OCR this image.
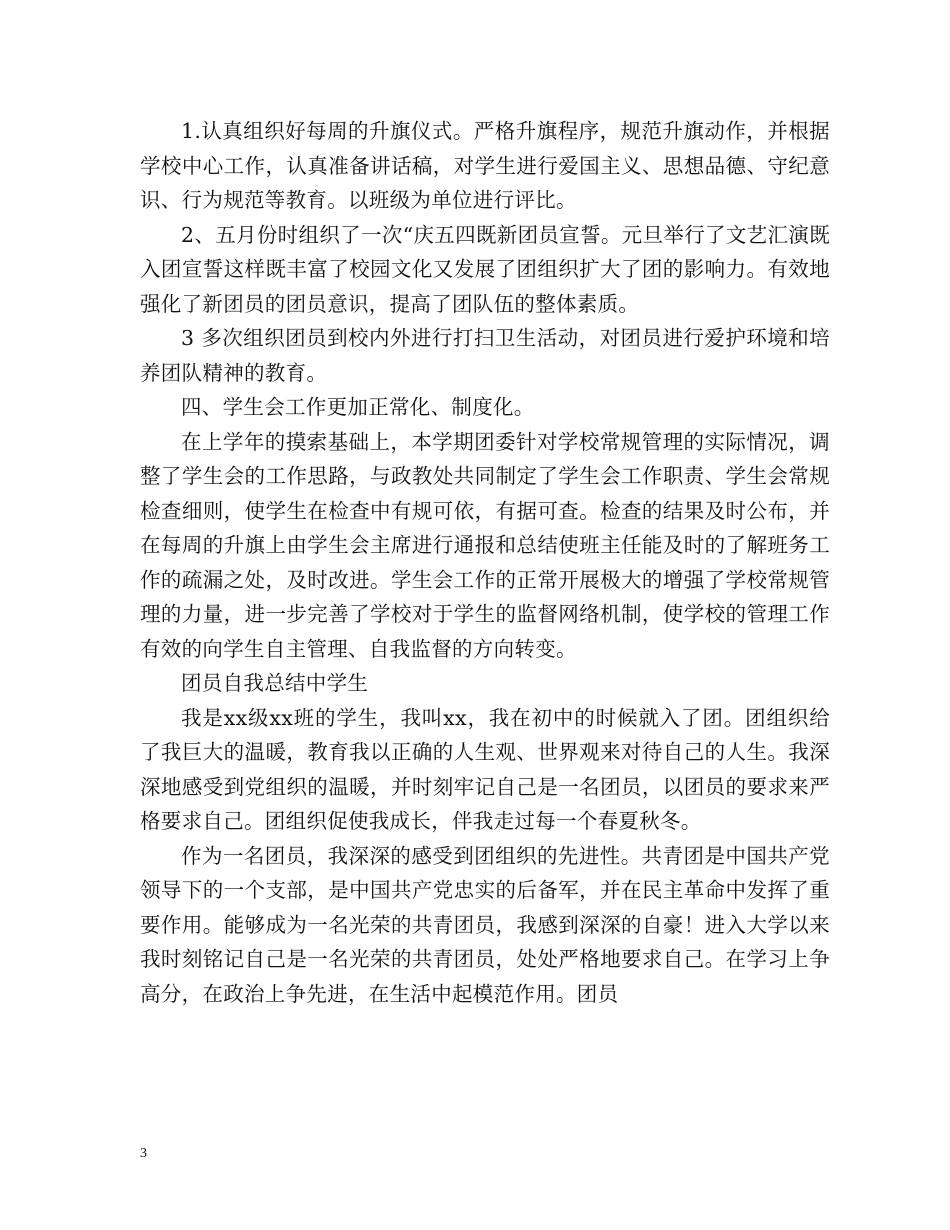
1.认真组织好每周的升旗仪式。严格升旗程序，规范升旗动作，并根据学校中心工作，认真准备讲话稿，对学生进行爱国主义、思想品德、守纪意识、行为规范等教育。以班级为单位进行评比。

2、五月份时组织了一次“庆五四既新团员宣誓。元旦举行了文艺汇演既入团宣誓这样既丰富了校园文化又发展了团组织扩大了团的影响力。有效地强化了新团员的团员意识，提高了团队伍的整体素质。

3 多次组织团员到校内外进行打扫卫生活动，对团员进行爱护环境和培养团队精神的教育。

四、学生会工作更加正常化、制度化。

在上学年的摸索基础上，本学期团委针对学校常规管理的实际情况，调整了学生会的工作思路，与政教处共同制定了学生会工作职责、学生会常规检查细则，使学生在检查中有规可依，有据可查。检查的结果及时公布，并在每周的升旗上由学生会主席进行通报和总结使班主任能及时的了解班务工作的疏漏之处，及时改进。学生会工作的正常开展极大的增强了学校常规管理的力量，进一步完善了学校对于学生的监督网络机制，使学校的管理工作有效的向学生自主管理、自我监督的方向转变。

团员自我总结中学生

我是xx级xx班的学生，我叫xx，我在初中的时候就入了团。团组织给了我巨大的温暖，教育我以正确的人生观、世界观来对待自己的人生。我深深地感受到党组织的温暖，并时刻牢记自己是一名团员，以团员的要求来严格要求自己。团组织促使我成长，伴我走过每一个春夏秋冬。

作为一名团员，我深深的感受到团组织的先进性。共青团是中国共产党领导下的一个支部，是中国共产党忠实的后备军，并在民主革命中发挥了重要作用。能够成为一名光荣的共青团员，我感到深深的自豪！进入大学以来我时刻铭记自己是一名光荣的共青团员，处处严格地要求自己。在学习上争高分，在政治上争先进，在生活中起模范作用。团员

3
